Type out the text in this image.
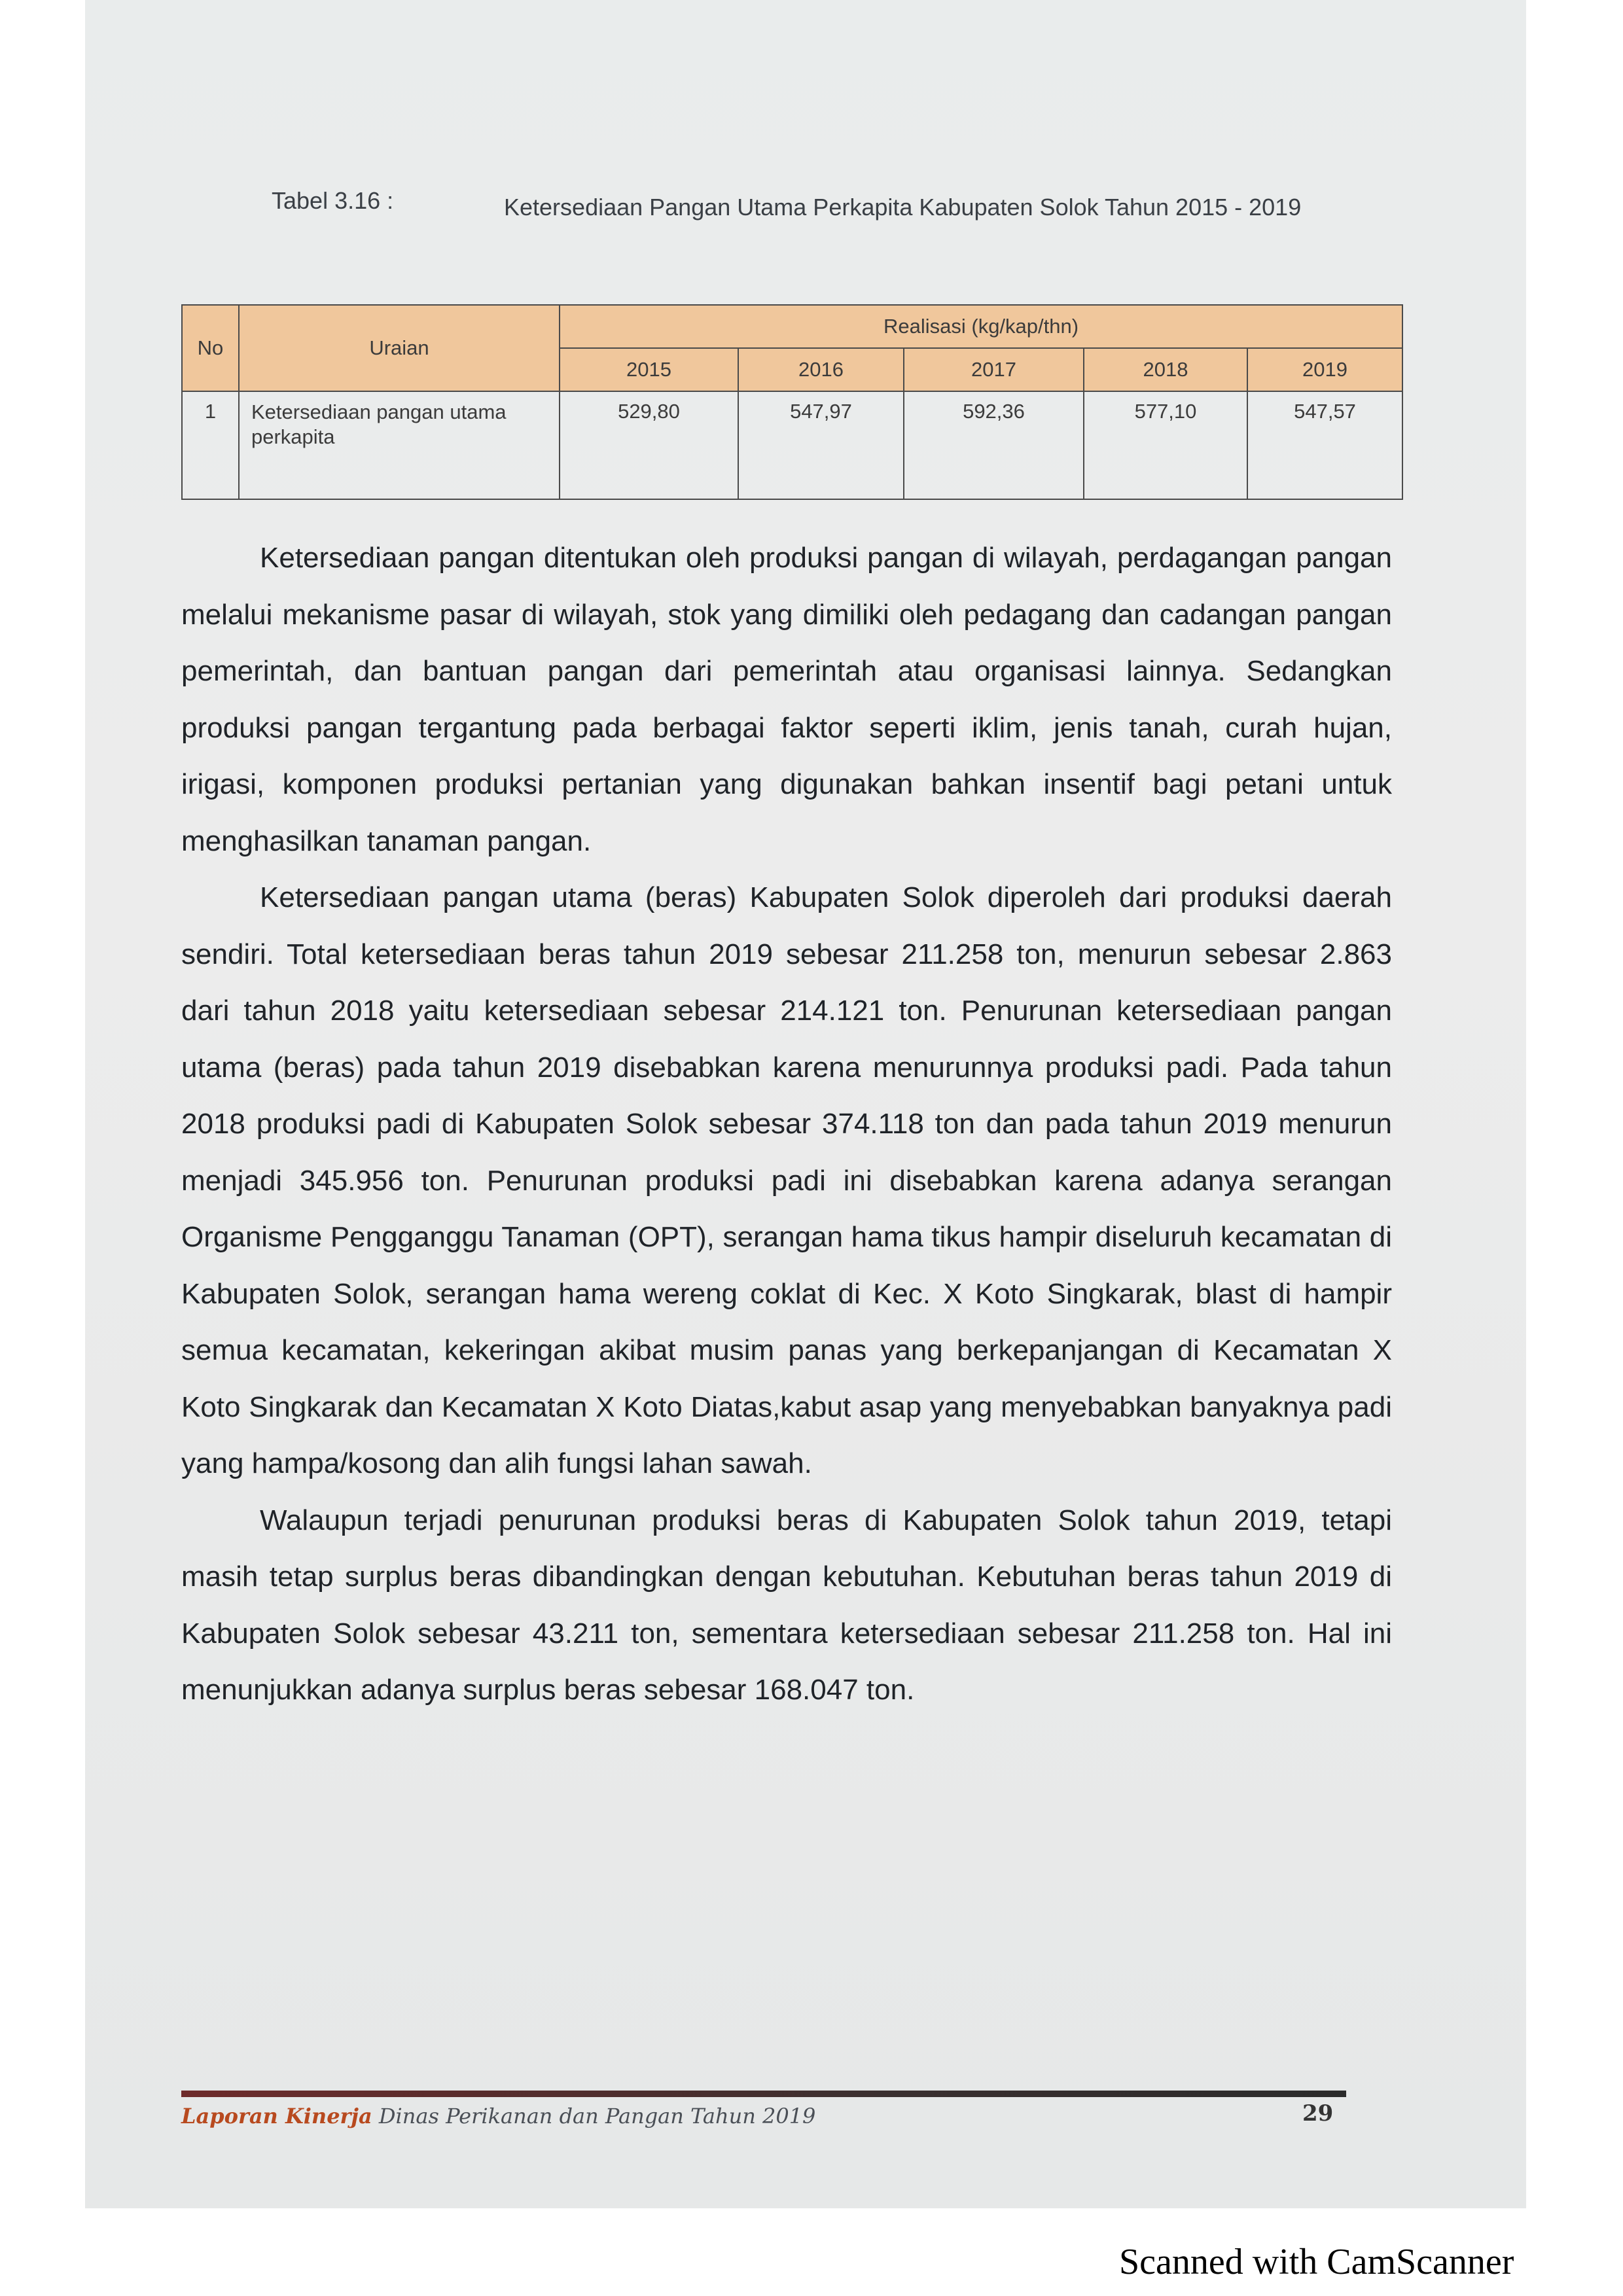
Tabel 3.16 :	Ketersediaan Pangan Utama Perkapita Kabupaten Solok Tahun 2015 - 2019
No	Uraian	Realisasi (kg/kap/thn)				
		2015	2016	2017	2018	2019
1	Ketersediaan pangan utama perkapita	529,80	547,97	592,36	577,10	547,57

Ketersediaan pangan ditentukan oleh produksi pangan di wilayah, perdagangan pangan melalui mekanisme pasar di wilayah, stok yang dimiliki oleh pedagang dan cadangan pangan pemerintah, dan bantuan pangan dari pemerintah atau organisasi lainnya. Sedangkan produksi pangan tergantung pada berbagai faktor seperti iklim, jenis tanah, curah hujan, irigasi, komponen produksi pertanian yang digunakan bahkan insentif bagi petani untuk menghasilkan tanaman pangan.

Ketersediaan pangan utama (beras) Kabupaten Solok diperoleh dari produksi daerah sendiri. Total ketersediaan beras tahun 2019 sebesar 211.258 ton, menurun sebesar 2.863 dari tahun 2018 yaitu ketersediaan sebesar 214.121 ton. Penurunan ketersediaan pangan utama (beras) pada tahun 2019 disebabkan karena menurunnya produksi padi. Pada tahun 2018 produksi padi di Kabupaten Solok sebesar 374.118 ton dan pada tahun 2019 menurun menjadi 345.956 ton. Penurunan produksi padi ini disebabkan karena adanya serangan Organisme Pengganggu Tanaman (OPT), serangan hama tikus hampir diseluruh kecamatan di Kabupaten Solok, serangan hama wereng coklat di Kec. X Koto Singkarak, blast di hampir semua kecamatan, kekeringan akibat musim panas yang berkepanjangan di Kecamatan X Koto Singkarak dan Kecamatan X Koto Diatas,kabut asap yang menyebabkan banyaknya padi yang hampa/kosong dan alih fungsi lahan sawah.

Walaupun terjadi penurunan produksi beras di Kabupaten Solok tahun 2019, tetapi masih tetap surplus beras dibandingkan dengan kebutuhan. Kebutuhan beras tahun 2019 di Kabupaten Solok sebesar 43.211 ton, sementara ketersediaan sebesar 211.258 ton. Hal ini menunjukkan adanya surplus beras sebesar 168.047 ton.

Laporan Kinerja Dinas Perikanan dan Pangan Tahun 2019	29
Scanned with CamScanner
